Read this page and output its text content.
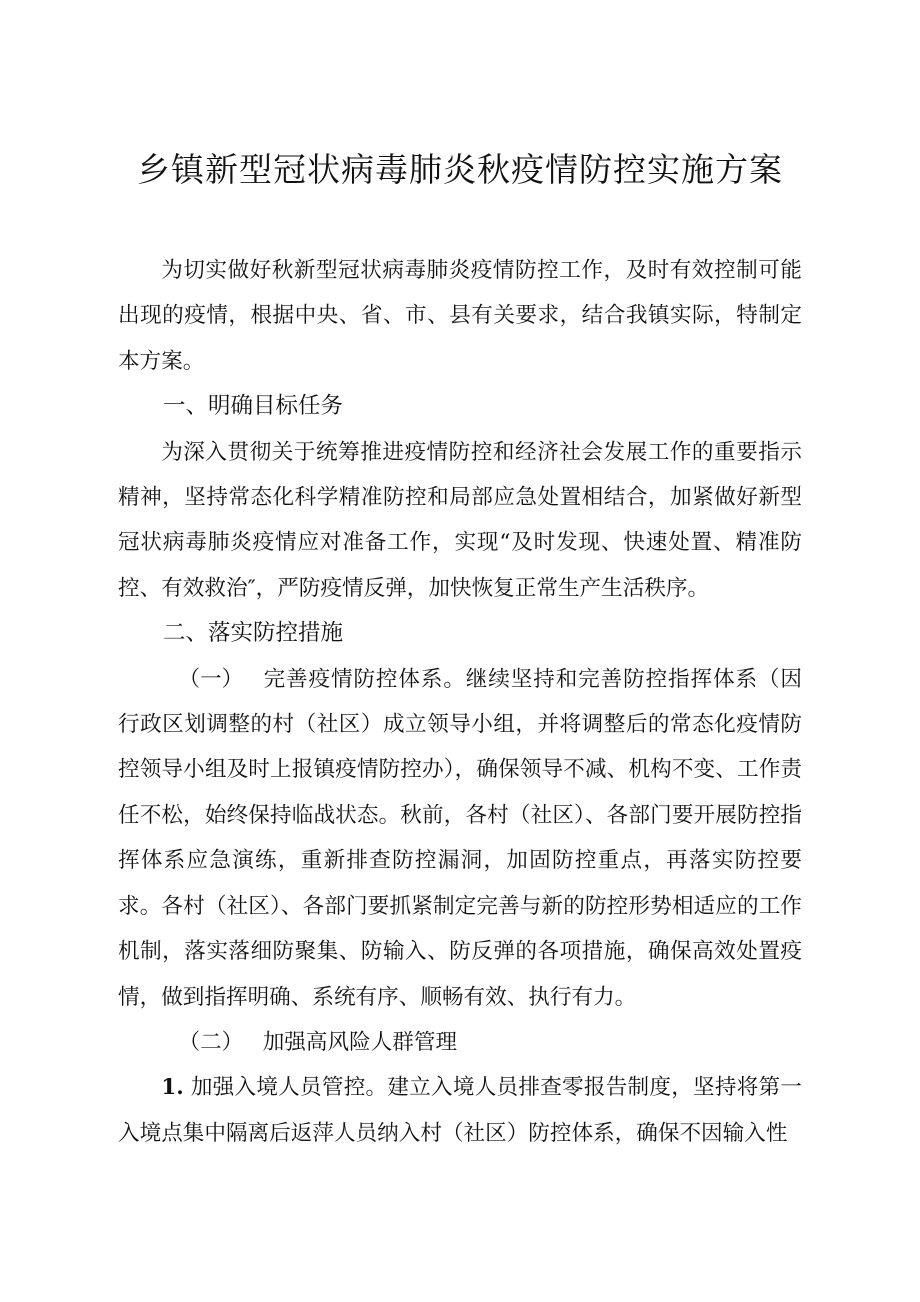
乡镇新型冠状病毒肺炎秋疫情防控实施方案

为切实做好秋新型冠状病毒肺炎疫情防控工作，及时有效控制可能出现的疫情，根据中央、省、市、县有关要求，结合我镇实际，特制定本方案。

一、明确目标任务

为深入贯彻关于统筹推进疫情防控和经济社会发展工作的重要指示精神，坚持常态化科学精准防控和局部应急处置相结合，加紧做好新型冠状病毒肺炎疫情应对准备工作，实现“及时发现、快速处置、精准防控、有效救治″，严防疫情反弹，加快恢复正常生产生活秩序。

二、落实防控措施

（一） 完善疫情防控体系。继续坚持和完善防控指挥体系（因行政区划调整的村（社区）成立领导小组，并将调整后的常态化疫情防控领导小组及时上报镇疫情防控办），确保领导不减、机构不变、工作责任不松，始终保持临战状态。秋前，各村（社区）、各部门要开展防控指挥体系应急演练，重新排查防控漏洞，加固防控重点，再落实防控要求。各村（社区）、各部门要抓紧制定完善与新的防控形势相适应的工作机制，落实落细防聚集、防输入、防反弹的各项措施，确保高效处置疫情，做到指挥明确、系统有序、顺畅有效、执行有力。

（二） 加强高风险人群管理

1. 加强入境人员管控。建立入境人员排查零报告制度，坚持将第一入境点集中隔离后返萍人员纳入村（社区）防控体系，确保不因输入性
